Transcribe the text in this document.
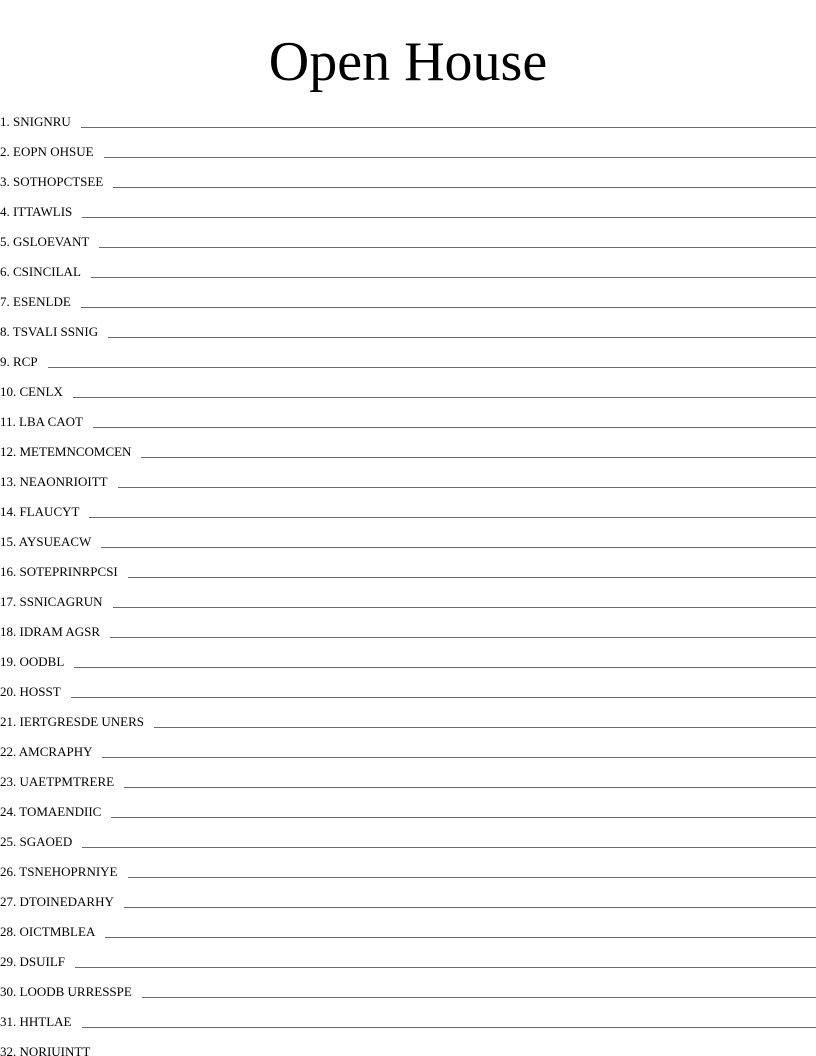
Open House
1. SNIGNRU
2. EOPN OHSUE
3. SOTHOPCTSEE
4. ITTAWLIS
5. GSLOEVANT
6. CSINCILAL
7. ESENLDE
8. TSVALI SSNIG
9. RCP
10. CENLX
11. LBA CAOT
12. METEMNCOMCEN
13. NEAONRIOITT
14. FLAUCYT
15. AYSUEACW
16. SOTEPRINRPCSI
17. SSNICAGRUN
18. IDRAM AGSR
19. OODBL
20. HOSST
21. IERTGRESDE UNERS
22. AMCRAPHY
23. UAETPMTRERE
24. TOMAENDIIC
25. SGAOED
26. TSNEHOPRNIYE
27. DTOINEDARHY
28. OICTMBLEA
29. DSUILF
30. LOODB URRESSPE
31. HHTLAE
32. NORIUINTT
